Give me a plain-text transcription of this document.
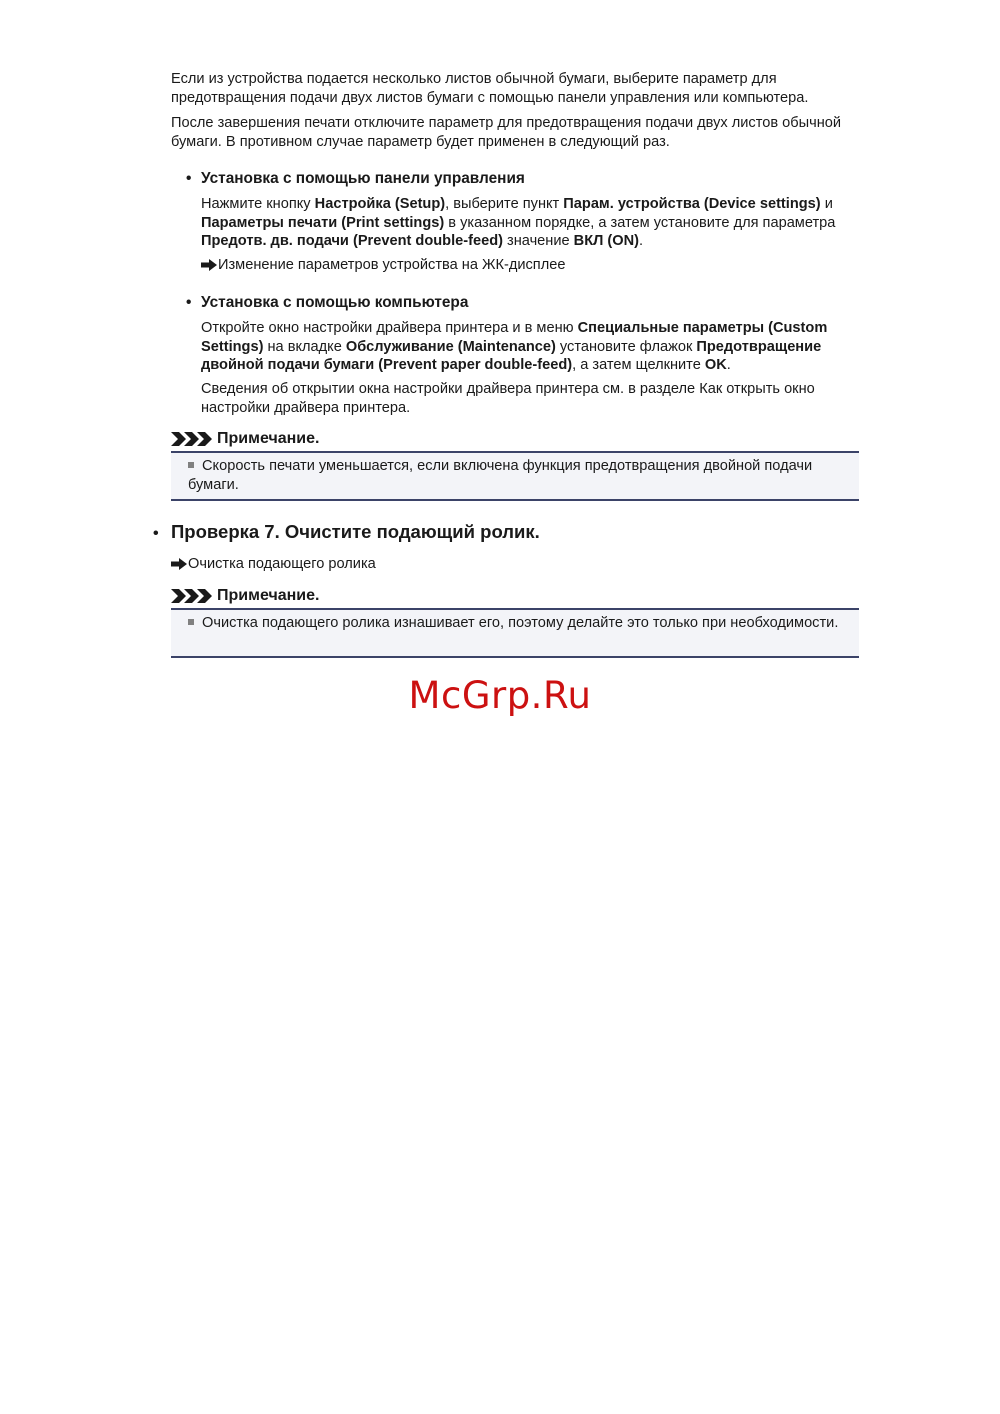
Если из устройства подается несколько листов обычной бумаги, выберите параметр для предотвращения подачи двух листов бумаги с помощью панели управления или компьютера.

После завершения печати отключите параметр для предотвращения подачи двух листов обычной бумаги. В противном случае параметр будет применен в следующий раз.

• Установка с помощью панели управления

Нажмите кнопку Настройка (Setup), выберите пункт Парам. устройства (Device settings) и Параметры печати (Print settings) в указанном порядке, а затем установите для параметра Предотв. дв. подачи (Prevent double-feed) значение ВКЛ (ON).

Изменение параметров устройства на ЖК-дисплее
• Установка с помощью компьютера

Откройте окно настройки драйвера принтера и в меню Специальные параметры (Custom Settings) на вкладке Обслуживание (Maintenance) установите флажок Предотвращение двойной подачи бумаги (Prevent paper double-feed), а затем щелкните OK.

Сведения об открытии окна настройки драйвера принтера см. в разделе Как открыть окно настройки драйвера принтера.

Примечание.
Скорость печати уменьшается, если включена функция предотвращения двойной подачи бумаги.
• Проверка 7. Очистите подающий ролик.
Очистка подающего ролика
Примечание.
Очистка подающего ролика изнашивает его, поэтому делайте это только при необходимости.
McGrp.Ru
